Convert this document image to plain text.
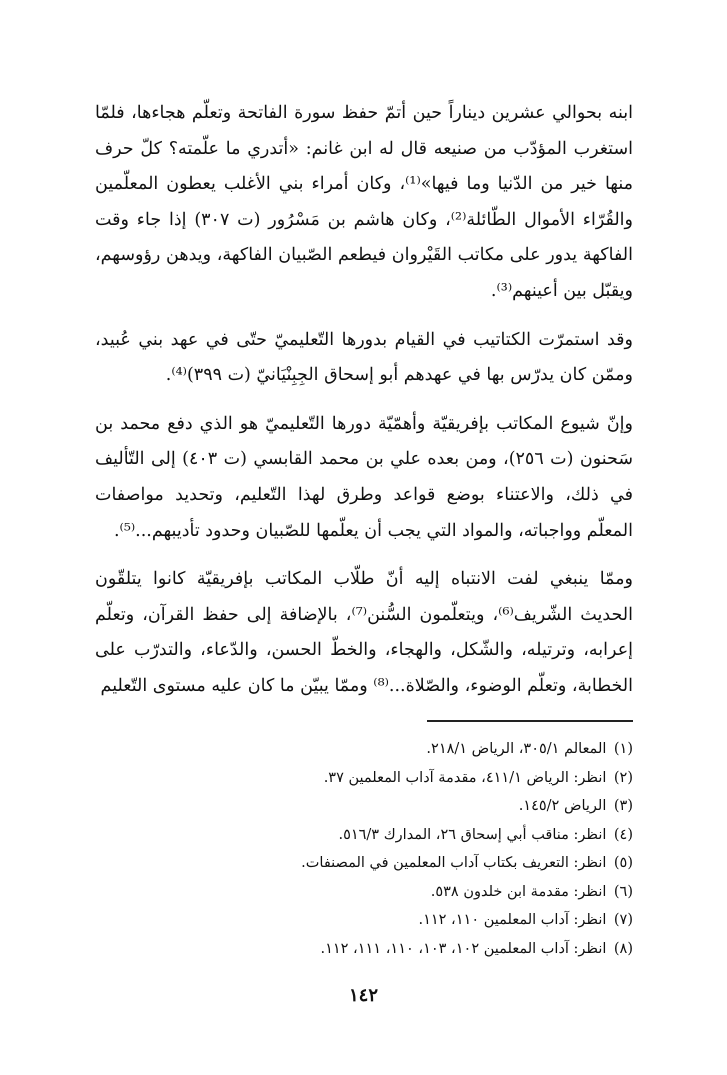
ابنه بحوالي عشرين ديناراً حين أتمّ حفظ سورة الفاتحة وتعلّم هجاءها، فلمّا استغرب المؤدّب من صنيعه قال له ابن غانم: «أتدري ما علّمته؟ كلّ حرف منها خير من الدّنيا وما فيها»⁽¹⁾، وكان أمراء بني الأغلب يعطون المعلّمين والقُرّاء الأموال الطّائلة⁽²⁾، وكان هاشم بن مَسْرُور (ت ٣٠٧) إذا جاء وقت الفاكهة يدور على مكاتب القَيْروان فيطعم الصّبيان الفاكهة، ويدهن رؤوسهم، ويقبّل بين أعينهم⁽³⁾.

وقد استمرّت الكتاتيب في القيام بدورها التّعليميّ حتّى في عهد بني عُبيد، وممّن كان يدرّس بها في عهدهم أبو إسحاق الجِبِنْيَانيّ (ت ٣٩٩)⁽⁴⁾.

وإنّ شيوع المكاتب بإفريقيّة وأهمّيّة دورها التّعليميّ هو الذي دفع محمد بن سَحنون (ت ٢٥٦)، ومن بعده علي بن محمد القابسي (ت ٤٠٣) إلى التّأليف في ذلك، والاعتناء بوضع قواعد وطرق لهذا التّعليم، وتحديد مواصفات المعلّم وواجباته، والمواد التي يجب أن يعلّمها للصّبيان وحدود تأديبهم...⁽⁵⁾.

وممّا ينبغي لفت الانتباه إليه أنّ طلّاب المكاتب بإفريقيّة كانوا يتلقّون الحديث الشّريف⁽⁶⁾، ويتعلّمون السُّنن⁽⁷⁾، بالإضافة إلى حفظ القرآن، وتعلّم إعرابه، وترتيله، والشّكل، والهجاء، والخطّ الحسن، والدّعاء، والتدرّب على الخطابة، وتعلّم الوضوء، والصّلاة...⁽⁸⁾ وممّا يبيّن ما كان عليه مستوى التّعليم

(١) المعالم ٣٠٥/١، الرياض ٢١٨/١.
(٢) انظر: الرياض ٤١١/١، مقدمة آداب المعلمين ٣٧.
(٣) الرياض ١٤٥/٢.
(٤) انظر: مناقب أبي إسحاق ٢٦، المدارك ٥١٦/٣.
(٥) انظر: التعريف بكتاب آداب المعلمين في المصنفات.
(٦) انظر: مقدمة ابن خلدون ٥٣٨.
(٧) انظر: آداب المعلمين ١١٠، ١١٢.
(٨) انظر: آداب المعلمين ١٠٢، ١٠٣، ١١٠، ١١١، ١١٢.
١٤٢
